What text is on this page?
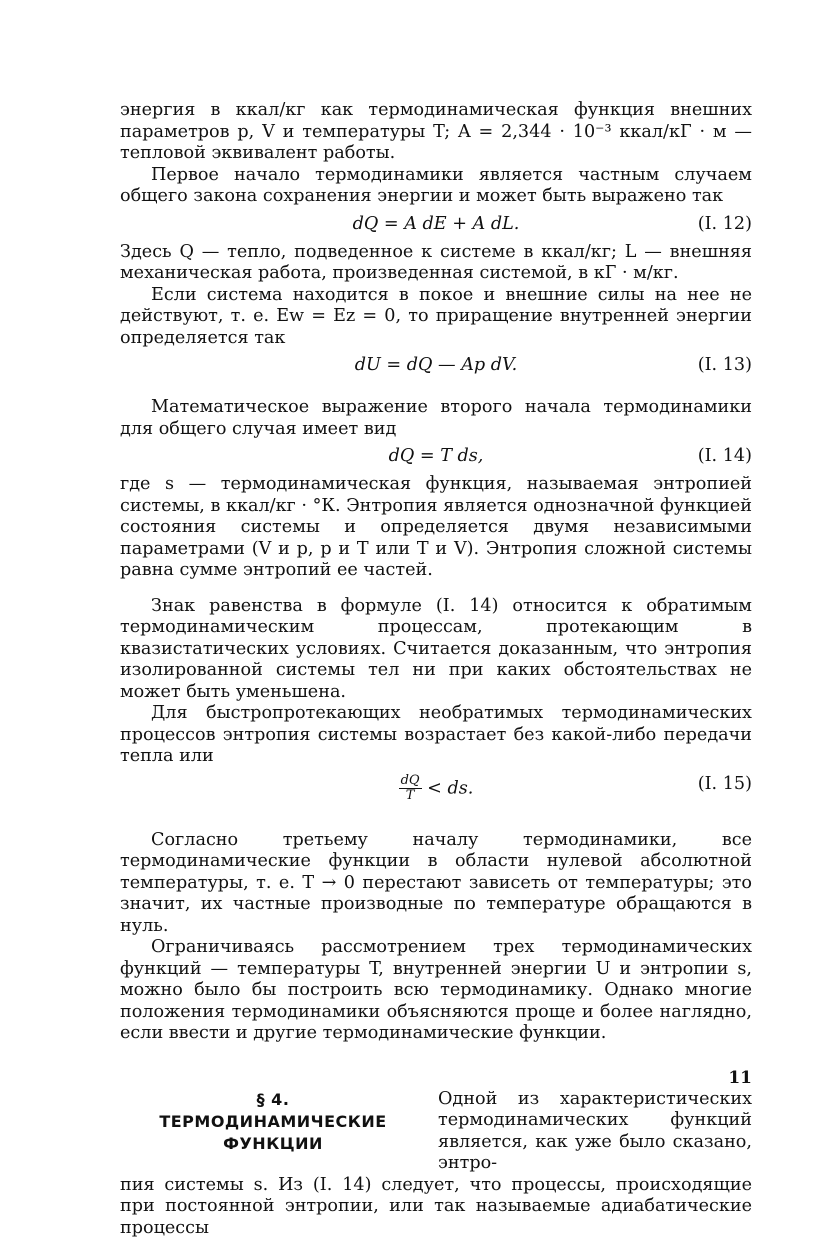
энергия в ккал/кг как термодинамическая функция внешних параметров p, V и температуры T; A = 2,344 · 10⁻³ ккал/кГ · м — тепловой эквивалент работы.

Первое начало термодинамики является частным случаем общего закона сохранения энергии и может быть выражено так

dQ = A dE + A dL.	(I. 12)

Здесь Q — тепло, подведенное к системе в ккал/кг; L — внешняя механическая работа, произведенная системой, в кГ · м/кг.

Если система находится в покое и внешние силы на нее не действуют, т. е. Ew = Ez = 0, то приращение внутренней энергии определяется так

dU = dQ — Ap dV.	(I. 13)

Математическое выражение второго начала термодинамики для общего случая имеет вид

dQ = T ds,	(I. 14)

где s — термодинамическая функция, называемая энтропией системы, в ккал/кг · °К. Энтропия является однозначной функцией состояния системы и определяется двумя независимыми параметрами (V и p, p и T или T и V). Энтропия сложной системы равна сумме энтропий ее частей.

Знак равенства в формуле (I. 14) относится к обратимым термодинамическим процессам, протекающим в квазистатических условиях. Считается доказанным, что энтропия изолированной системы тел ни при каких обстоятельствах не может быть уменьшена.

Для быстропротекающих необратимых термодинамических процессов энтропия системы возрастает без какой-либо передачи тепла или

$\frac{dQ}{T}$ < ds.	(I. 15)

Согласно третьему началу термодинамики, все термодинамические функции в области нулевой абсолютной температуры, т. е. T → 0 перестают зависеть от температуры; это значит, их частные производные по температуре обращаются в нуль.

Ограничиваясь рассмотрением трех термодинамических функций — температуры T, внутренней энергии U и энтропии s, можно было бы построить всю термодинамику. Однако многие положения термодинамики объясняются проще и более наглядно, если ввести и другие термодинамические функции.

§ 4. ТЕРМОДИНАМИЧЕСКИЕ
ФУНКЦИИ

Одной из характеристических термодинамических функций является, как уже было сказано, энтро-

пия системы s. Из (I. 14) следует, что процессы, происходящие при постоянной энтропии, или так называемые адиабатические процессы

11
